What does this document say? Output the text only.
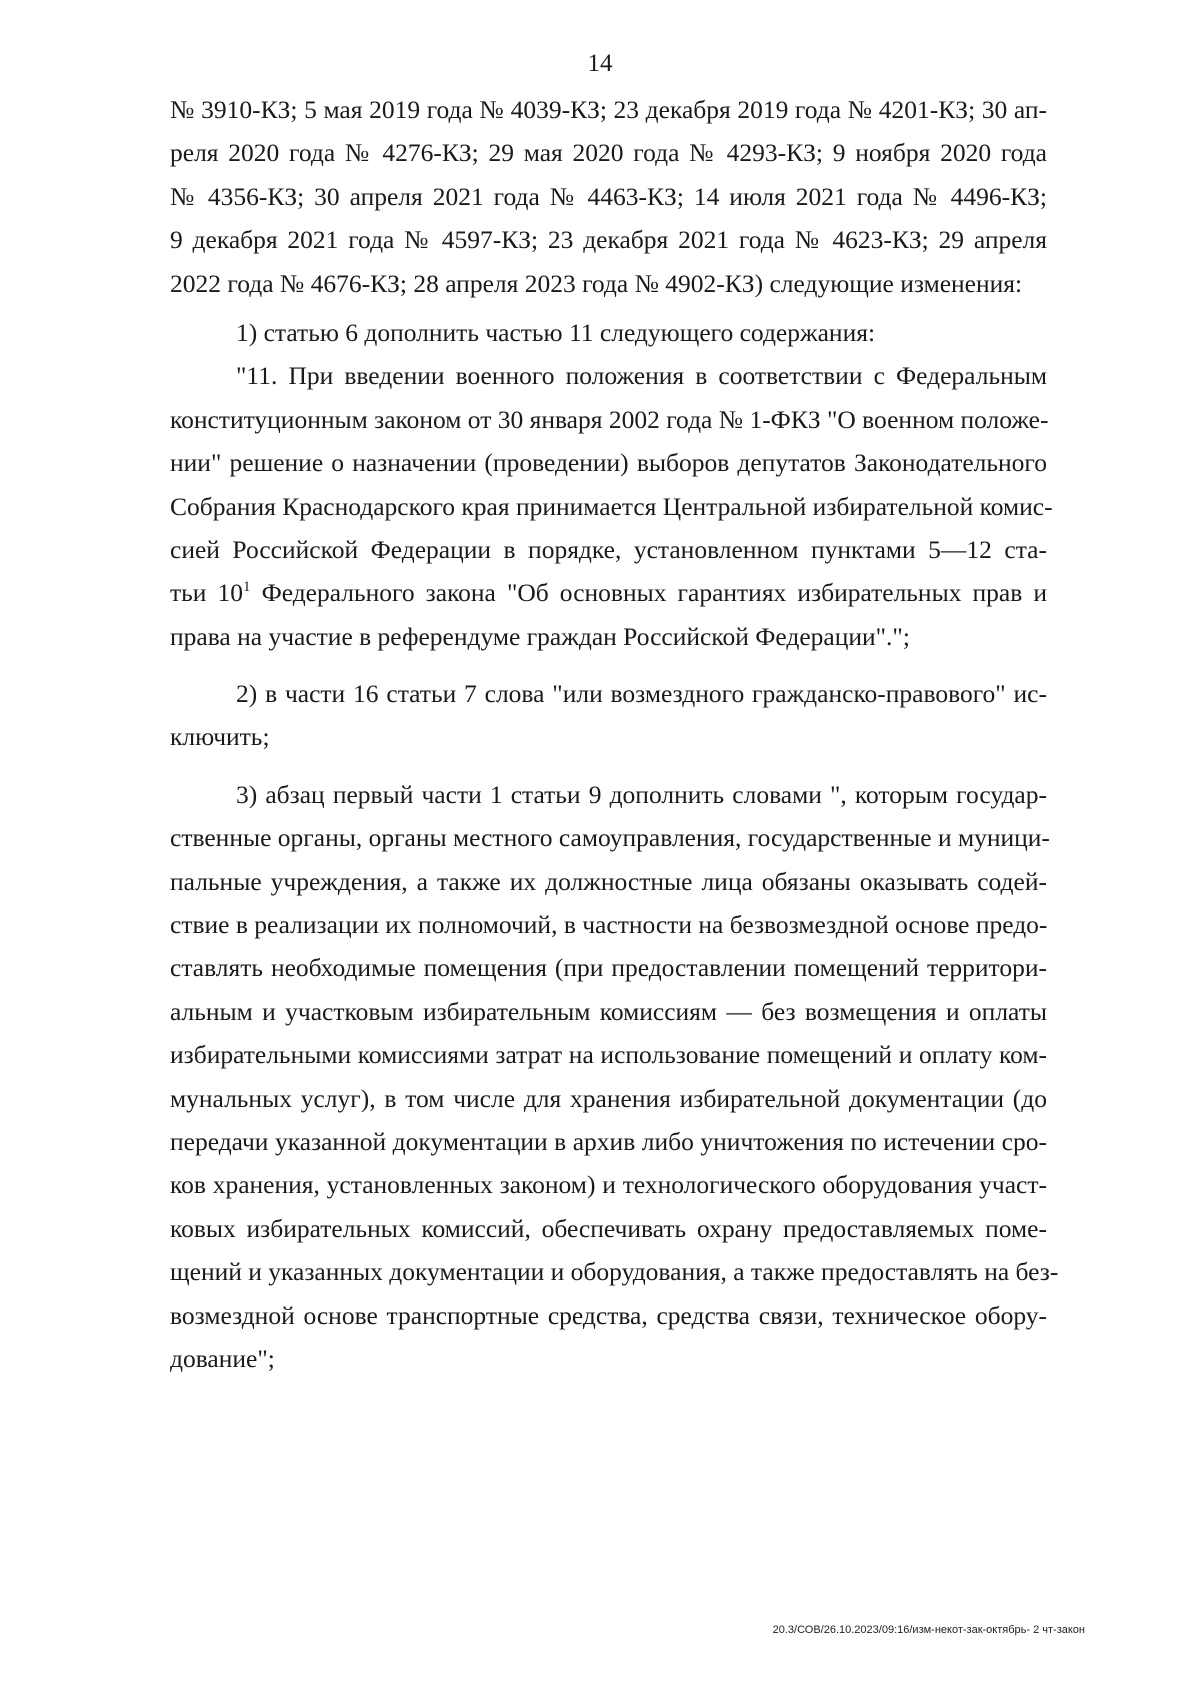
14
№ 3910-КЗ; 5 мая 2019 года № 4039-КЗ; 23 декабря 2019 года № 4201-КЗ; 30 ап-
реля 2020 года № 4276-КЗ; 29 мая 2020 года № 4293-КЗ; 9 ноября 2020 года
№ 4356-КЗ; 30 апреля 2021 года № 4463-КЗ; 14 июля 2021 года № 4496-КЗ;
9 декабря 2021 года № 4597-КЗ; 23 декабря 2021 года № 4623-КЗ; 29 апреля
2022 года № 4676-КЗ; 28 апреля 2023 года № 4902-КЗ) следующие изменения:
1) статью 6 дополнить частью 11 следующего содержания:
"11. При введении военного положения в соответствии с Федеральным
конституционным законом от 30 января 2002 года № 1-ФКЗ "О военном положе-
нии" решение о назначении (проведении) выборов депутатов Законодательного
Собрания Краснодарского края принимается Центральной избирательной комис-
сией Российской Федерации в порядке, установленном пунктами 5—12 ста-
тьи $10^1$ Федерального закона "Об основных гарантиях избирательных прав и
права на участие в референдуме граждан Российской Федерации".";
2) в части 16 статьи 7 слова "или возмездного гражданско-правового" ис-
ключить;
3) абзац первый части 1 статьи 9 дополнить словами ", которым государ-
ственные органы, органы местного самоуправления, государственные и муници-
пальные учреждения, а также их должностные лица обязаны оказывать содей-
ствие в реализации их полномочий, в частности на безвозмездной основе предо-
ставлять необходимые помещения (при предоставлении помещений территори-
альным и участковым избирательным комиссиям — без возмещения и оплаты
избирательными комиссиями затрат на использование помещений и оплату ком-
мунальных услуг), в том числе для хранения избирательной документации (до
передачи указанной документации в архив либо уничтожения по истечении сро-
ков хранения, установленных законом) и технологического оборудования участ-
ковых избирательных комиссий, обеспечивать охрану предоставляемых поме-
щений и указанных документации и оборудования, а также предоставлять на без-
возмездной основе транспортные средства, средства связи, техническое обору-
дование";
20.3/СОВ/26.10.2023/09:16/изм-некот-зак-октябрь- 2 чт-закон
